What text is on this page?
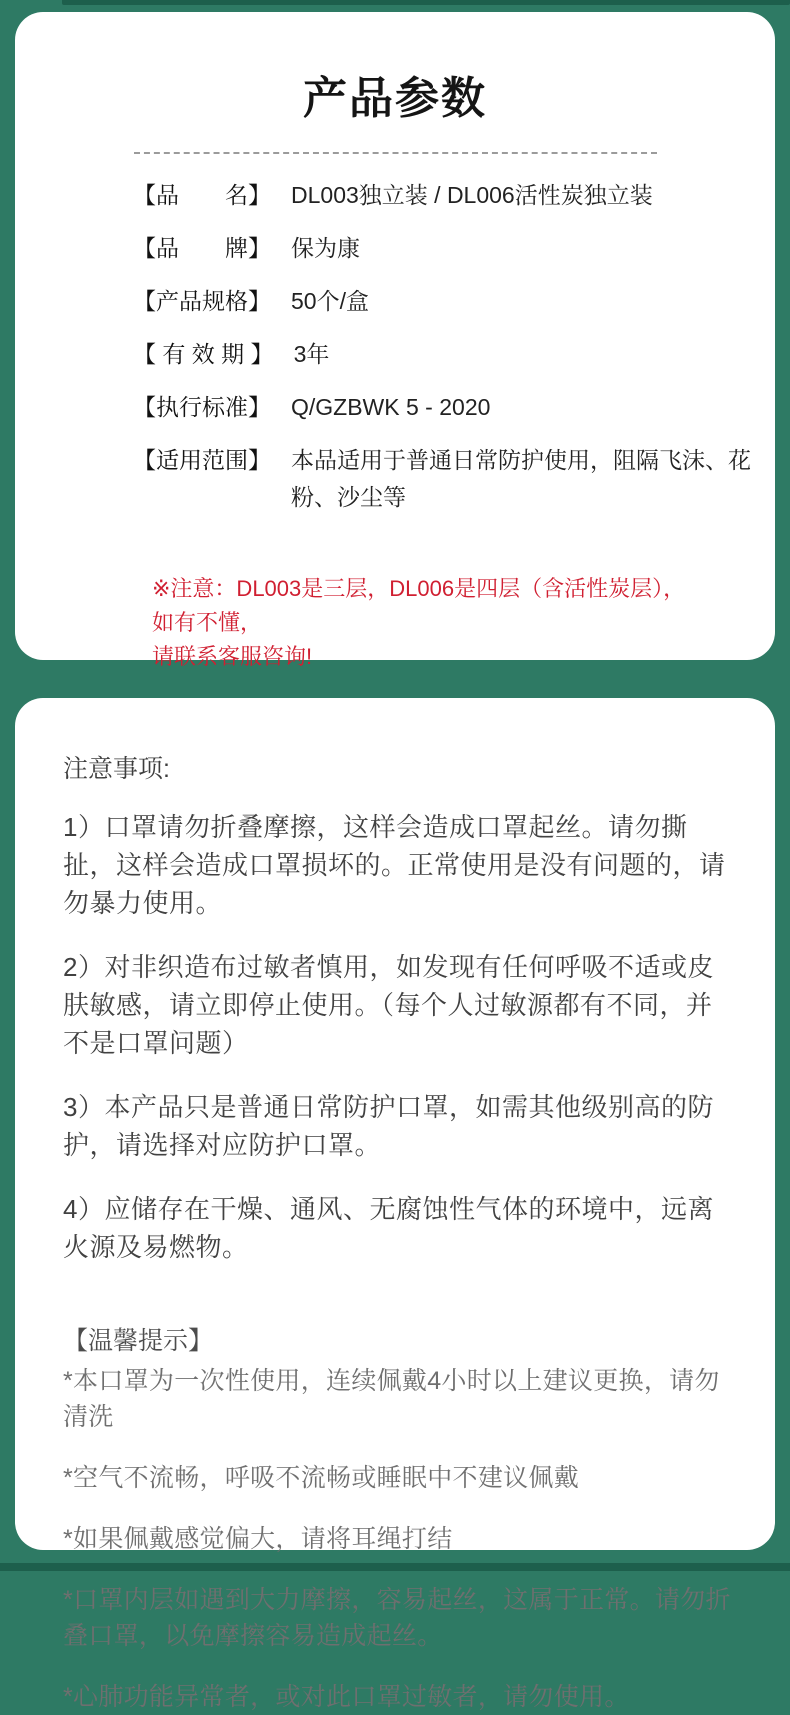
产品参数
【品　　名】 DL003独立装 / DL006活性炭独立装
【品　　牌】 保为康
【产品规格】 50个/盒
【 有 效 期 】 3年
【执行标准】 Q/GZBWK 5 - 2020
【适用范围】 本品适用于普通日常防护使用，阻隔飞沫、花粉、沙尘等
※注意：DL003是三层，DL006是四层（含活性炭层），如有不懂，
请联系客服咨询!
注意事项:

1）口罩请勿折叠摩擦，这样会造成口罩起丝。请勿撕扯，这样会造成口罩损坏的。正常使用是没有问题的，请勿暴力使用。

2）对非织造布过敏者慎用，如发现有任何呼吸不适或皮肤敏感，请立即停止使用。（每个人过敏源都有不同，并不是口罩问题）

3）本产品只是普通日常防护口罩，如需其他级别高的防护，请选择对应防护口罩。

4）应储存在干燥、通风、无腐蚀性气体的环境中，远离火源及易燃物。

【温馨提示】

*本口罩为一次性使用，连续佩戴4小时以上建议更换，请勿清洗

*空气不流畅，呼吸不流畅或睡眠中不建议佩戴

*如果佩戴感觉偏大，请将耳绳打结

*口罩内层如遇到大力摩擦，容易起丝，这属于正常。请勿折叠口罩，以免摩擦容易造成起丝。

*心肺功能异常者，或对此口罩过敏者，请勿使用。
